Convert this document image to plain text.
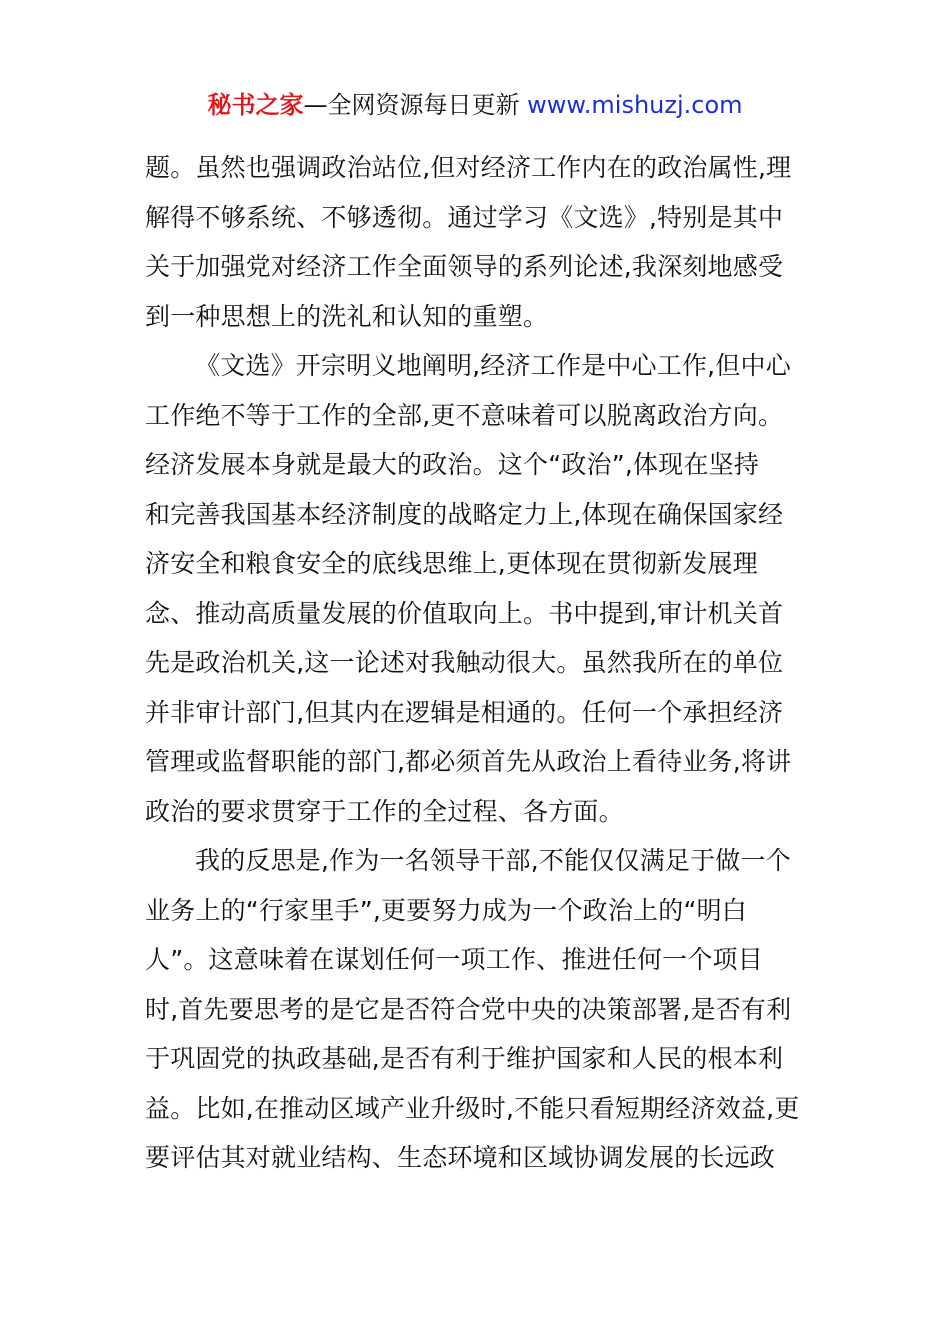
秘书之家—全网资源每日更新 www.mishuzj.com
题。虽然也强调政治站位,但对经济工作内在的政治属性,理
解得不够系统、不够透彻。通过学习《文选》,特别是其中
关于加强党对经济工作全面领导的系列论述,我深刻地感受
到一种思想上的洗礼和认知的重塑。
《文选》开宗明义地阐明,经济工作是中心工作,但中心
工作绝不等于工作的全部,更不意味着可以脱离政治方向。
经济发展本身就是最大的政治。这个“政治”,体现在坚持
和完善我国基本经济制度的战略定力上,体现在确保国家经
济安全和粮食安全的底线思维上,更体现在贯彻新发展理
念、推动高质量发展的价值取向上。书中提到,审计机关首
先是政治机关,这一论述对我触动很大。虽然我所在的单位
并非审计部门,但其内在逻辑是相通的。任何一个承担经济
管理或监督职能的部门,都必须首先从政治上看待业务,将讲
政治的要求贯穿于工作的全过程、各方面。
我的反思是,作为一名领导干部,不能仅仅满足于做一个
业务上的“行家里手”,更要努力成为一个政治上的“明白
人”。这意味着在谋划任何一项工作、推进任何一个项目
时,首先要思考的是它是否符合党中央的决策部署,是否有利
于巩固党的执政基础,是否有利于维护国家和人民的根本利
益。比如,在推动区域产业升级时,不能只看短期经济效益,更
要评估其对就业结构、生态环境和区域协调发展的长远政
